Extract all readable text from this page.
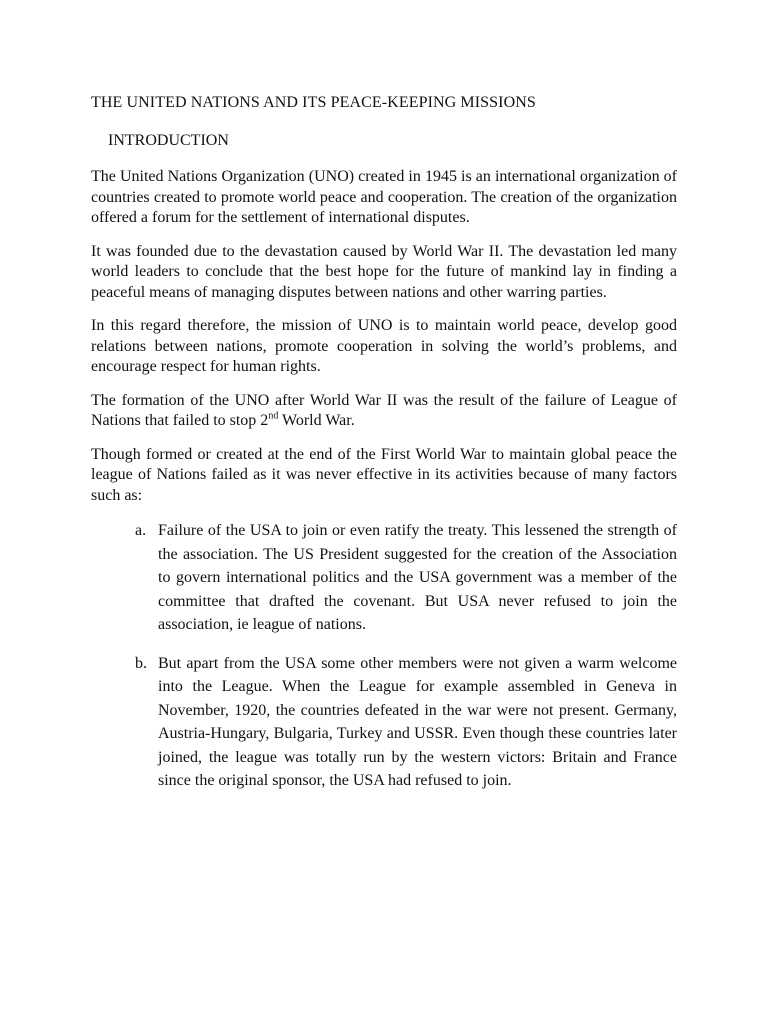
THE UNITED NATIONS AND ITS PEACE-KEEPING MISSIONS
INTRODUCTION

The United Nations Organization (UNO) created in 1945 is an international organization of countries created to promote world peace and cooperation. The creation of the organization offered a forum for the settlement of international disputes.

It was founded due to the devastation caused by World War II. The devastation led many world leaders to conclude that the best hope for the future of mankind lay in finding a peaceful means of managing disputes between nations and other warring parties.

In this regard therefore, the mission of UNO is to maintain world peace, develop good relations between nations, promote cooperation in solving the world’s problems, and encourage respect for human rights.

The formation of the UNO after World War II was the result of the failure of League of Nations that failed to stop 2nd World War.

Though formed or created at the end of the First World War to maintain global peace the league of Nations failed as it was never effective in its activities because of many factors such as:

a. Failure of the USA to join or even ratify the treaty. This lessened the strength of the association. The US President suggested for the creation of the Association to govern international politics and the USA government was a member of the committee that drafted the covenant. But USA never refused to join the association, ie league of nations.
b. But apart from the USA some other members were not given a warm welcome into the League. When the League for example assembled in Geneva in November, 1920, the countries defeated in the war were not present. Germany, Austria-Hungary, Bulgaria, Turkey and USSR. Even though these countries later joined, the league was totally run by the western victors: Britain and France since the original sponsor, the USA had refused to join.
